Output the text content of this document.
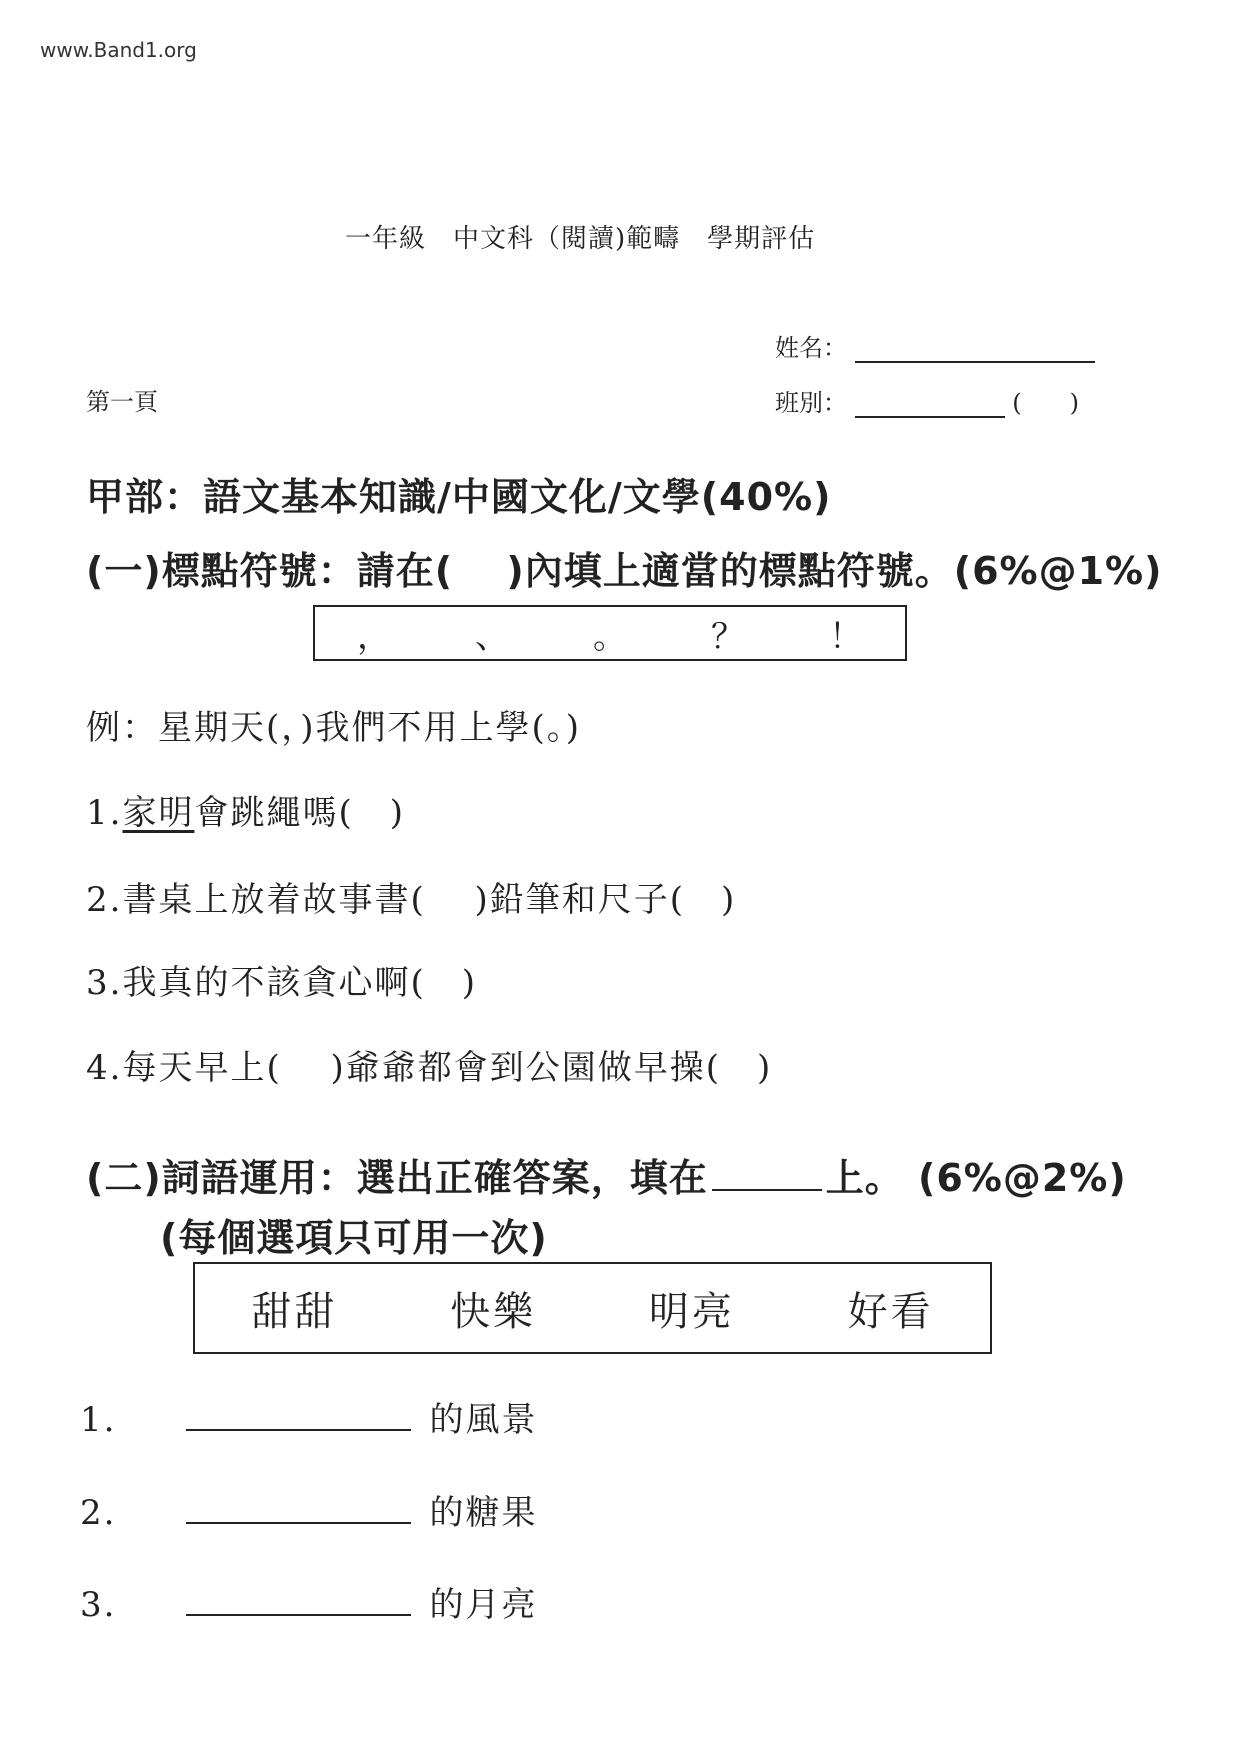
www.Band1.org
一年級　中文科（閱讀)範疇　學期評估
姓名：
第一頁	班別：	(　　)
甲部：語文基本知識/中國文化/文學(40%)
(一)標點符號：請在(　 )內填上適當的標點符號。(6%@1%)
， 、 。 ？ ！
例：星期天(，)我們不用上學(。)
1.家明會跳繩嗎(　)
2.書桌上放着故事書(　 )鉛筆和尺子(　)
3.我真的不該貪心啊(　)
4.每天早上(　 )爺爺都會到公園做早操(　)
(二)詞語運用：選出正確答案，填在	上。 (6%@2%)
(每個選項只可用一次)
甜甜	快樂	明亮	好看
1.	的風景
2.	的糖果
3.	的月亮
